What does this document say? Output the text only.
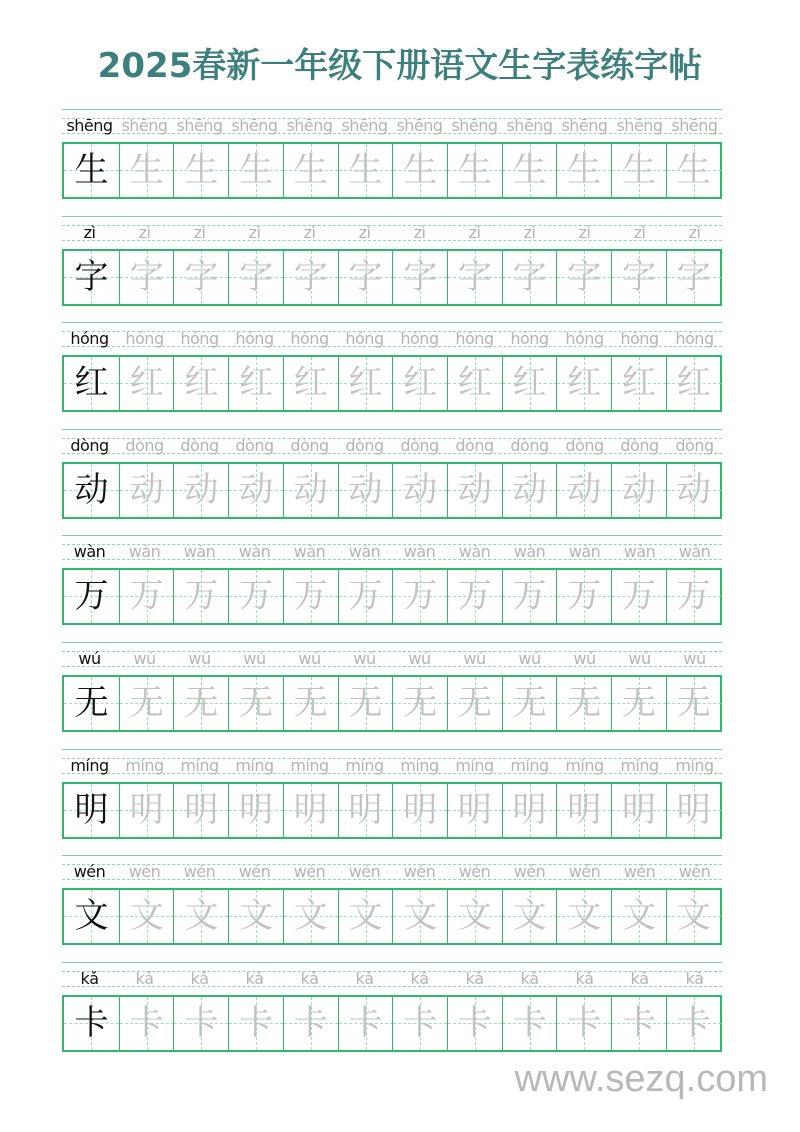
2025春新一年级下册语文生字表练字帖
shēng shēng shēng shēng shēng shēng shēng shēng shēng shēng shēng shēng
生 生 生 生 生 生 生 生 生 生 生 生
zì	zì	zì	zì	zì	zì	zì	zì	zì	zì	zì	zì
字 字 字 字 字 字 字 字 字 字 字 字
hóng	hóng	hóng	hóng	hóng	hóng	hóng	hóng	hóng	hóng	hóng	hóng
红 红 红 红 红 红 红 红 红 红 红 红
dòng	dòng	dòng	dòng	dòng	dòng	dòng	dòng	dòng	dòng	dòng	dòng
动 动 动 动 动 动 动 动 动 动 动 动
wàn	wàn	wàn	wàn	wàn	wàn	wàn	wàn	wàn	wàn	wàn	wàn
万 万 万 万 万 万 万 万 万 万 万 万
wú	wú	wú	wú	wú	wú	wú	wú	wú	wú	wú	wú
无 无 无 无 无 无 无 无 无 无 无 无
míng	míng	míng	míng	míng	míng	míng	míng	míng	míng	míng	míng
明 明 明 明 明 明 明 明 明 明 明 明
wén	wén	wén	wén	wén	wén	wén	wén	wén	wén	wén	wén
文 文 文 文 文 文 文 文 文 文 文 文
kǎ	kǎ	kǎ	kǎ	kǎ	kǎ	kǎ	kǎ	kǎ	kǎ	kǎ	kǎ
卡 卡 卡 卡 卡 卡 卡 卡 卡 卡 卡 卡
www.sezq.com
